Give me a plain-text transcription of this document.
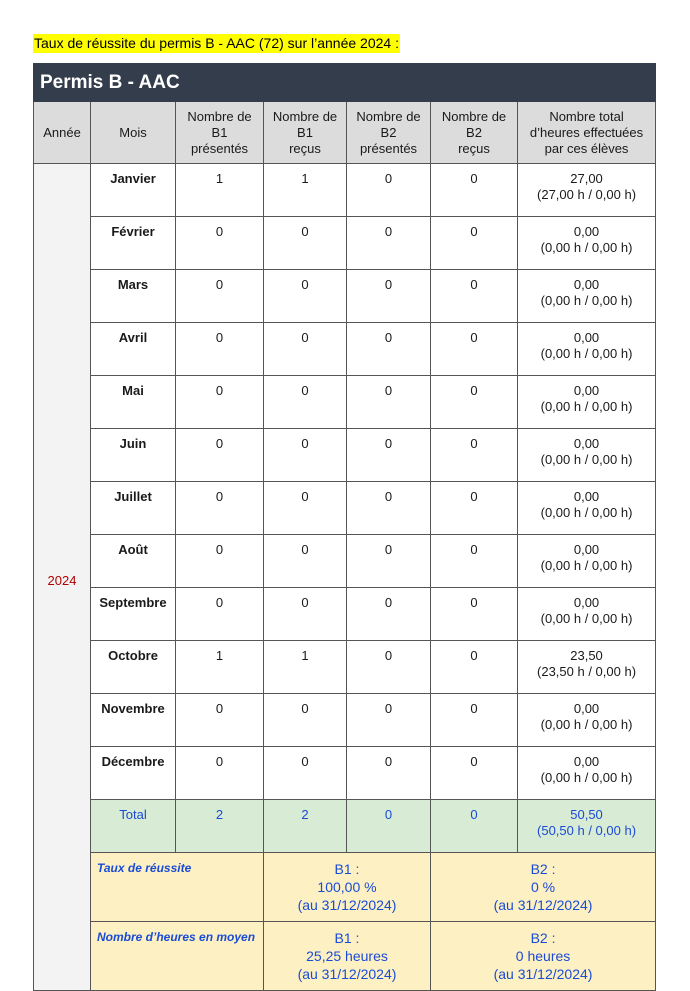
Taux de réussite du permis B - AAC (72) sur l’année 2024 :
Permis B - AAC						
Année	Mois	Nombre de
B1
présentés	Nombre de
B1
reçus	Nombre de
B2
présentés	Nombre de
B2
reçus	Nombre total
d’heures effectuées
par ces élèves
2024	Janvier	1	1	0	0	27,00
(27,00 h / 0,00 h)
	Février	0	0	0	0	0,00
(0,00 h / 0,00 h)
	Mars	0	0	0	0	0,00
(0,00 h / 0,00 h)
	Avril	0	0	0	0	0,00
(0,00 h / 0,00 h)
	Mai	0	0	0	0	0,00
(0,00 h / 0,00 h)
	Juin	0	0	0	0	0,00
(0,00 h / 0,00 h)
	Juillet	0	0	0	0	0,00
(0,00 h / 0,00 h)
	Août	0	0	0	0	0,00
(0,00 h / 0,00 h)
	Septembre	0	0	0	0	0,00
(0,00 h / 0,00 h)
	Octobre	1	1	0	0	23,50
(23,50 h / 0,00 h)
	Novembre	0	0	0	0	0,00
(0,00 h / 0,00 h)
	Décembre	0	0	0	0	0,00
(0,00 h / 0,00 h)
	Total	2	2	0	0	50,50
(50,50 h / 0,00 h)
	Taux de réussite		B1 :
100,00 %
(au 31/12/2024)		B2 :
0 %
(au 31/12/2024)	
	Nombre d’heures en moyen		B1 :
25,25 heures
(au 31/12/2024)		B2 :
0 heures
(au 31/12/2024)	
